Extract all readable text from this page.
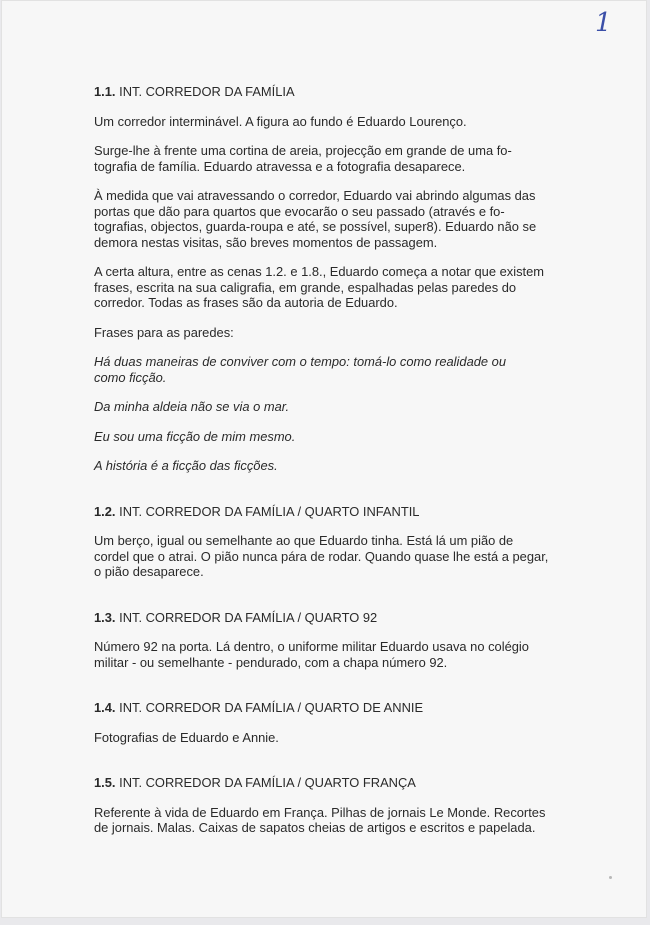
1
1.1. INT. CORREDOR DA FAMÍLIA

Um corredor interminável. A figura ao fundo é Eduardo Lourenço.

Surge-lhe à frente uma cortina de areia, projecção em grande de uma fo-
tografia de família. Eduardo atravessa e a fotografia desaparece.

À medida que vai atravessando o corredor, Eduardo vai abrindo algumas das
portas que dão para quartos que evocarão o seu passado (através e fo-
tografias, objectos, guarda-roupa e até, se possível, super8). Eduardo não se
demora nestas visitas, são breves momentos de passagem.

A certa altura, entre as cenas 1.2. e 1.8., Eduardo começa a notar que existem
frases, escrita na sua caligrafia, em grande, espalhadas pelas paredes do
corredor. Todas as frases são da autoria de Eduardo.

Frases para as paredes:

Há duas maneiras de conviver com o tempo: tomá-lo como realidade ou
como ficção.

Da minha aldeia não se via o mar.

Eu sou uma ficção de mim mesmo.

A história é a ficção das ficções.

1.2. INT. CORREDOR DA FAMÍLIA / QUARTO INFANTIL

Um berço, igual ou semelhante ao que Eduardo tinha. Está lá um pião de
cordel que o atrai. O pião nunca pára de rodar. Quando quase lhe está a pegar,
o pião desaparece.

1.3. INT. CORREDOR DA FAMÍLIA / QUARTO 92

Número 92 na porta. Lá dentro, o uniforme militar Eduardo usava no colégio
militar - ou semelhante - pendurado, com a chapa número 92.

1.4. INT. CORREDOR DA FAMÍLIA / QUARTO DE ANNIE

Fotografias de Eduardo e Annie.

1.5. INT. CORREDOR DA FAMÍLIA / QUARTO FRANÇA

Referente à vida de Eduardo em França. Pilhas de jornais Le Monde. Recortes
de jornais. Malas. Caixas de sapatos cheias de artigos e escritos e papelada.
